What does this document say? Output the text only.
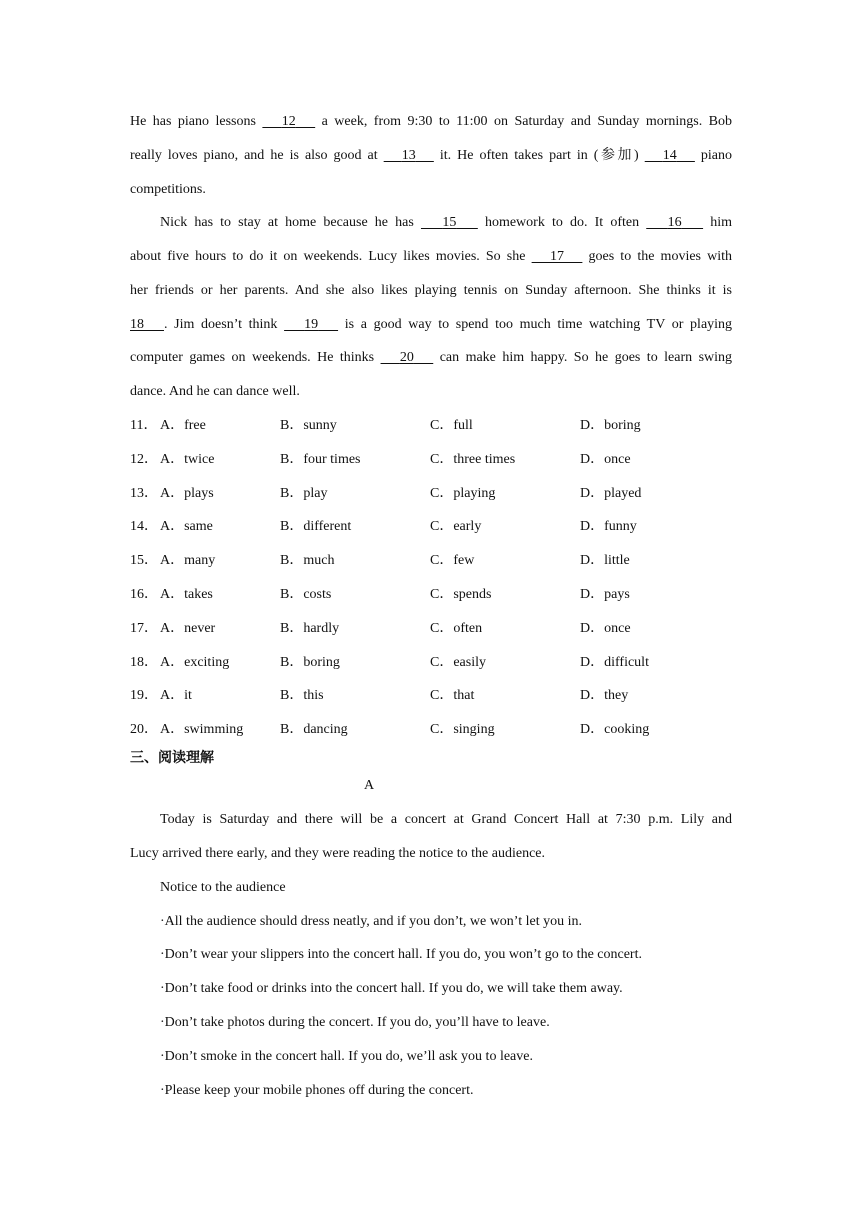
He has piano lessons    12    a week, from 9:30 to 11:00 on Saturday and Sunday mornings. Bob
really loves piano, and he is also good at    13    it. He often takes part in (参加)    14    piano
competitions.
Nick has to stay at home because he has    15    homework to do. It often    16    him
about five hours to do it on weekends. Lucy likes movies. So she    17    goes to the movies with
her friends or her parents. And she also likes playing tennis on Sunday afternoon. She thinks it is
18 . Jim doesn’t think    19    is a good way to spend too much time watching TV or playing
computer games on weekends. He thinks    20    can make him happy. So he goes to learn swing
dance. And he can dance well.
11． A．free	B．sunny	C．full	D．boring
12． A．twice	B．four times	C．three times	D．once
13． A．plays	B．play	C．playing	D．played
14． A．same	B．different	C．early	D．funny
15． A．many	B．much	C．few	D．little
16． A．takes	B．costs	C．spends	D．pays
17． A．never	B．hardly	C．often	D．once
18． A．exciting	B．boring	C．easily	D．difficult
19． A．it	B．this	C．that	D．they
20． A．swimming	B．dancing	C．singing	D．cooking
三、阅读理解
A
Today is Saturday and there will be a concert at Grand Concert Hall at 7:30 p.m. Lily and
Lucy arrived there early, and they were reading the notice to the audience.
Notice to the audience
·All the audience should dress neatly, and if you don’t, we won’t let you in.
·Don’t wear your slippers into the concert hall. If you do, you won’t go to the concert.
·Don’t take food or drinks into the concert hall. If you do, we will take them away.
·Don’t take photos during the concert. If you do, you’ll have to leave.
·Don’t smoke in the concert hall. If you do, we’ll ask you to leave.
·Please keep your mobile phones off during the concert.
